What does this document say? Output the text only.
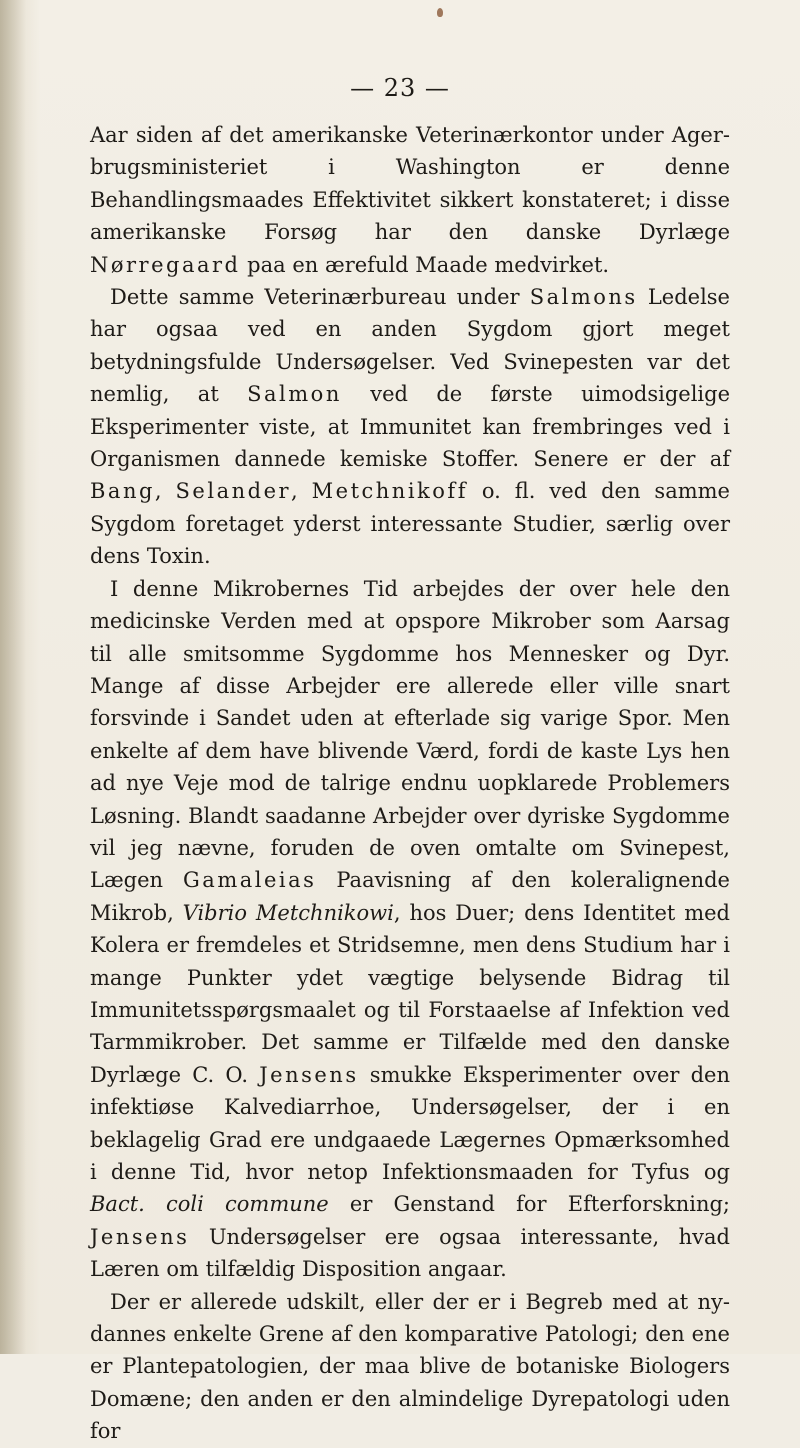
— 23 —

Aar siden af det amerikanske Veterinærkontor under Agerbrugsministeriet i Washington er denne Behandlingsmaades Effektivitet sikkert konstateret; i disse amerikanske Forsøg har den danske Dyrlæge Nørregaard paa en ærefuld Maade medvirket.

Dette samme Veterinærbureau under Salmons Ledelse har ogsaa ved en anden Sygdom gjort meget betydningsfulde Undersøgelser. Ved Svinepesten var det nemlig, at Salmon ved de første uimodsigelige Eksperimenter viste, at Immunitet kan frembringes ved i Organismen dannede kemiske Stoffer. Senere er der af Bang, Selander, Metchnikoff o. fl. ved den samme Sygdom foretaget yderst interessante Studier, særlig over dens Toxin.

I denne Mikrobernes Tid arbejdes der over hele den medicinske Verden med at opspore Mikrober som Aarsag til alle smitsomme Sygdomme hos Mennesker og Dyr. Mange af disse Arbejder ere allerede eller ville snart forsvinde i Sandet uden at efterlade sig varige Spor. Men enkelte af dem have blivende Værd, fordi de kaste Lys hen ad nye Veje mod de talrige endnu uopklarede Problemers Løsning. Blandt saadanne Arbejder over dyriske Sygdomme vil jeg nævne, foruden de oven omtalte om Svinepest, Lægen Gamaleias Paavisning af den koleralignende Mikrob, Vibrio Metchnikowi, hos Duer; dens Identitet med Kolera er fremdeles et Stridsemne, men dens Studium har i mange Punkter ydet vægtige belysende Bidrag til Immunitetsspørgsmaalet og til Forstaaelse af Infektion ved Tarmmikrober. Det samme er Tilfælde med den danske Dyrlæge C. O. Jensens smukke Eksperimenter over den infektiøse Kalvediarrhoe, Undersøgelser, der i en beklagelig Grad ere undgaaede Lægernes Opmærksomhed i denne Tid, hvor netop Infektionsmaaden for Tyfus og Bact. coli commune er Genstand for Efterforskning; Jensens Undersøgelser ere ogsaa interessante, hvad Læren om tilfældig Disposition angaar.

Der er allerede udskilt, eller der er i Begreb med at nydannes enkelte Grene af den komparative Patologi; den ene er Plantepatologien, der maa blive de botaniske Biologers Domæne; den anden er den almindelige Dyrepatologi uden for
